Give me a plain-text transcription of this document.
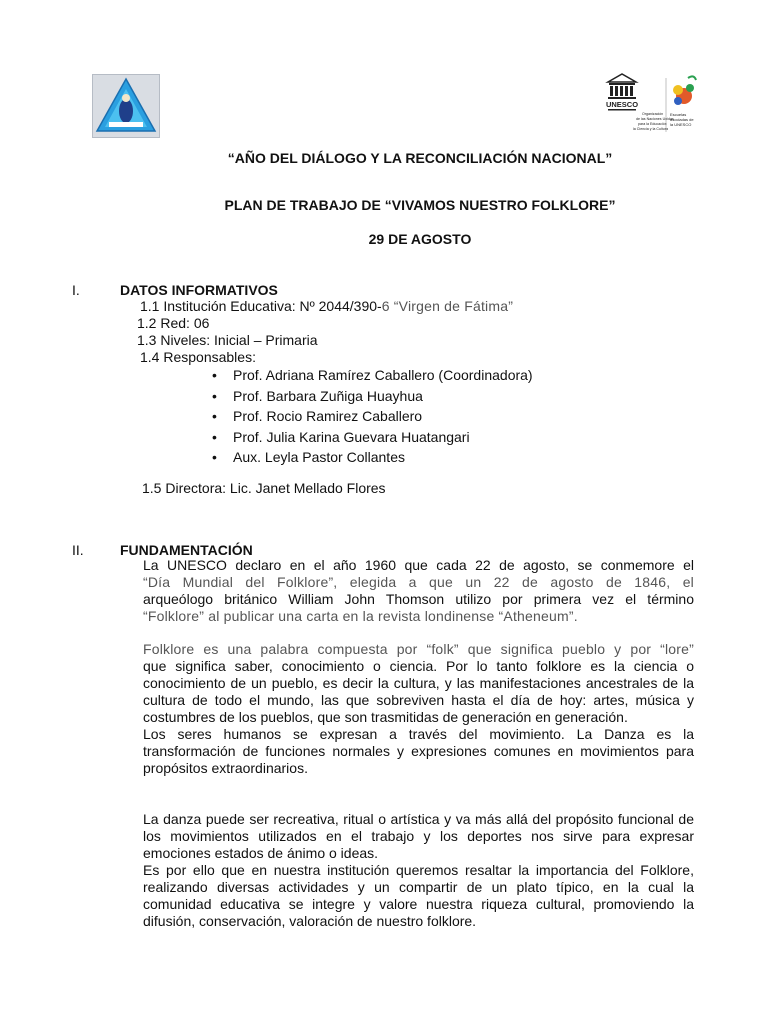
UNESCO
Organización
de las Naciones Unidas
para la Educación
la Ciencia y la Cultura
Escuelas
asociadas de
la UNESCO
“AÑO DEL DIÁLOGO Y LA RECONCILIACIÓN NACIONAL”
PLAN DE TRABAJO DE “VIVAMOS NUESTRO FOLKLORE”
29 DE AGOSTO
I.	DATOS INFORMATIVOS
1.1 Institución Educativa: Nº 2044/390-6 “Virgen de Fátima”
1.2 Red: 06
1.3 Niveles: Inicial – Primaria
1.4 Responsables:
• Prof. Adriana Ramírez Caballero (Coordinadora)
• Prof. Barbara Zuñiga Huayhua
• Prof. Rocio Ramirez Caballero
• Prof. Julia Karina Guevara Huatangari
• Aux. Leyla Pastor Collantes
1.5 Directora: Lic. Janet Mellado Flores
II.	FUNDAMENTACIÓN

La UNESCO declaro en el año 1960 que cada 22 de agosto, se conmemore el

“Día Mundial del Folklore”, elegida a que un 22 de agosto de 1846, el

arqueólogo británico William John Thomson utilizo por primera vez el término

“Folklore” al publicar una carta en la revista londinense “Atheneum”.

Folklore es una palabra compuesta por “folk” que significa pueblo y por “lore”

que significa saber, conocimiento o ciencia. Por lo tanto folklore es la ciencia o conocimiento de un pueblo, es decir la cultura, y las manifestaciones ancestrales de la cultura de todo el mundo, las que sobreviven hasta el día de hoy: artes, música y costumbres de los pueblos, que son trasmitidas de generación en generación.

Los seres humanos se expresan a través del movimiento. La Danza es la transformación de funciones normales y expresiones comunes en movimientos para propósitos extraordinarios.

La danza puede ser recreativa, ritual o artística y va más allá del propósito funcional de los movimientos utilizados en el trabajo y los deportes nos sirve para expresar emociones estados de ánimo o ideas.

Es por ello que en nuestra institución queremos resaltar la importancia del Folklore, realizando diversas actividades y un compartir de un plato típico, en la cual la comunidad educativa se integre y valore nuestra riqueza cultural, promoviendo la difusión, conservación, valoración de nuestro folklore.
